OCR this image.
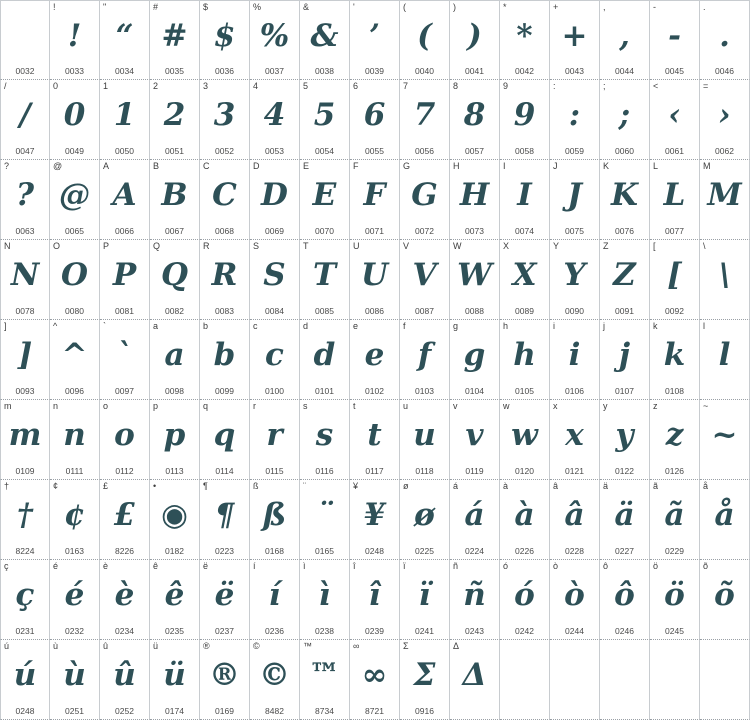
0032
!
!
0033
"
“
0034
#
#
0035
$
$
0036
%
%
0037
&
&
0038
'
’
0039
(
(
0040
)
)
0041
*
*
0042
+
+
0043
,
,
0044
-
-
0045
.
.
0046
/
/
0047
0
0
0049
1
1
0050
2
2
0051
3
3
0052
4
4
0053
5
5
0054
6
6
0055
7
7
0056
8
8
0057
9
9
0058
:
:
0059
;
;
0060
<
‹
0061
=
›
0062
?
?
0063
@
@
0065
A
A
0066
B
B
0067
C
C
0068
D
D
0069
E
E
0070
F
F
0071
G
G
0072
H
H
0073
I
I
0074
J
J
0075
K
K
0076
L
L
0077
M
M
N
N
0078
O
O
0080
P
P
0081
Q
Q
0082
R
R
0083
S
S
0084
T
T
0085
U
U
0086
V
V
0087
W
W
0088
X
X
0089
Y
Y
0090
Z
Z
0091
[
[
0092
\
\
]
]
0093
^
^
0096
`
`
0097
a
a
0098
b
b
0099
c
c
0100
d
d
0101
e
e
0102
f
f
0103
g
g
0104
h
h
0105
i
i
0106
j
j
0107
k
k
0108
l
l
m
m
0109
n
n
0111
o
o
0112
p
p
0113
q
q
0114
r
r
0115
s
s
0116
t
t
0117
u
u
0118
v
v
0119
w
w
0120
x
x
0121
y
y
0122
z
z
0126
~
~
†
†
8224
¢
¢
0163
£
£
8226
•
◉
0182
¶
¶
0223
ß
ß
0168
¨
¨
0165
¥
¥
0248
ø
ø
0225
á
á
0224
à
à
0226
â
â
0228
ä
ä
0227
ã
ã
0229
å
å
ç
ç
0231
é
é
0232
è
è
0234
ê
ê
0235
ë
ë
0237
í
í
0236
ì
ì
0238
î
î
0239
ï
ï
0241
ñ
ñ
0243
ó
ó
0242
ò
ò
0244
ô
ô
0246
ö
ö
0245
õ
õ
ú
ú
0248
ù
ù
0251
û
û
0252
ü
ü
0174
®
®
0169
©
©
8482
™
™
8734
∞
∞
8721
Σ
Σ
0916
Δ
Δ
